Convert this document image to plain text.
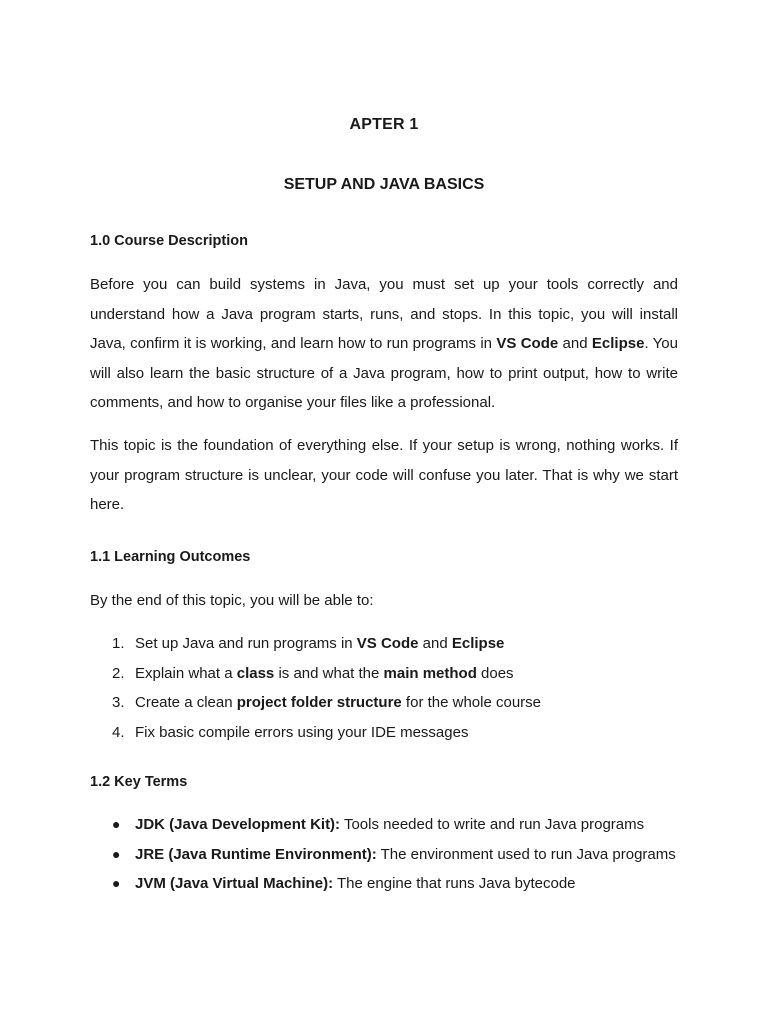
APTER 1
SETUP AND JAVA BASICS
1.0 Course Description

Before you can build systems in Java, you must set up your tools correctly and understand how a Java program starts, runs, and stops. In this topic, you will install Java, confirm it is working, and learn how to run programs in VS Code and Eclipse. You will also learn the basic structure of a Java program, how to print output, how to write comments, and how to organise your files like a professional.

This topic is the foundation of everything else. If your setup is wrong, nothing works. If your program structure is unclear, your code will confuse you later. That is why we start here.

1.1 Learning Outcomes

By the end of this topic, you will be able to:

1. Set up Java and run programs in VS Code and Eclipse
2. Explain what a class is and what the main method does
3. Create a clean project folder structure for the whole course
4. Fix basic compile errors using your IDE messages
1.2 Key Terms
● JDK (Java Development Kit): Tools needed to write and run Java programs
● JRE (Java Runtime Environment): The environment used to run Java programs
● JVM (Java Virtual Machine): The engine that runs Java bytecode
